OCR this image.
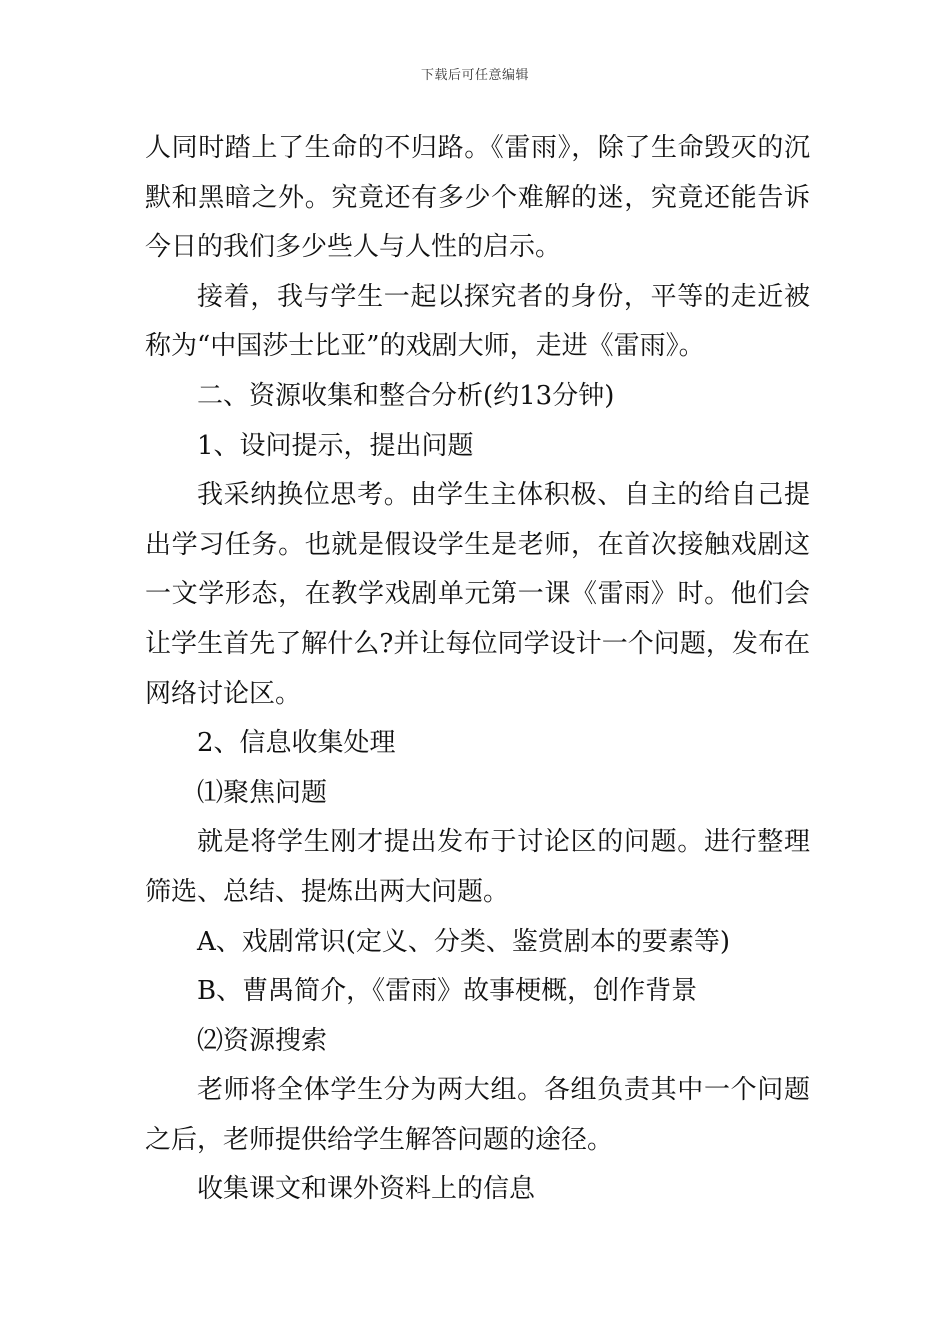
下载后可任意编辑

人同时踏上了生命的不归路。《雷雨》，除了生命毁灭的沉默和黑暗之外。究竟还有多少个难解的迷，究竟还能告诉今日的我们多少些人与人性的启示。

接着，我与学生一起以探究者的身份，平等的走近被称为“中国莎士比亚”的戏剧大师，走进《雷雨》。

二、资源收集和整合分析(约13分钟)

1、设问提示，提出问题

我采纳换位思考。由学生主体积极、自主的给自己提出学习任务。也就是假设学生是老师，在首次接触戏剧这一文学形态，在教学戏剧单元第一课《雷雨》时。他们会让学生首先了解什么?并让每位同学设计一个问题，发布在网络讨论区。

2、信息收集处理

⑴聚焦问题

就是将学生刚才提出发布于讨论区的问题。进行整理筛选、总结、提炼出两大问题。

A、戏剧常识(定义、分类、鉴赏剧本的要素等)

B、曹禺简介，《雷雨》故事梗概，创作背景

⑵资源搜索

老师将全体学生分为两大组。各组负责其中一个问题之后，老师提供给学生解答问题的途径。

收集课文和课外资料上的信息
